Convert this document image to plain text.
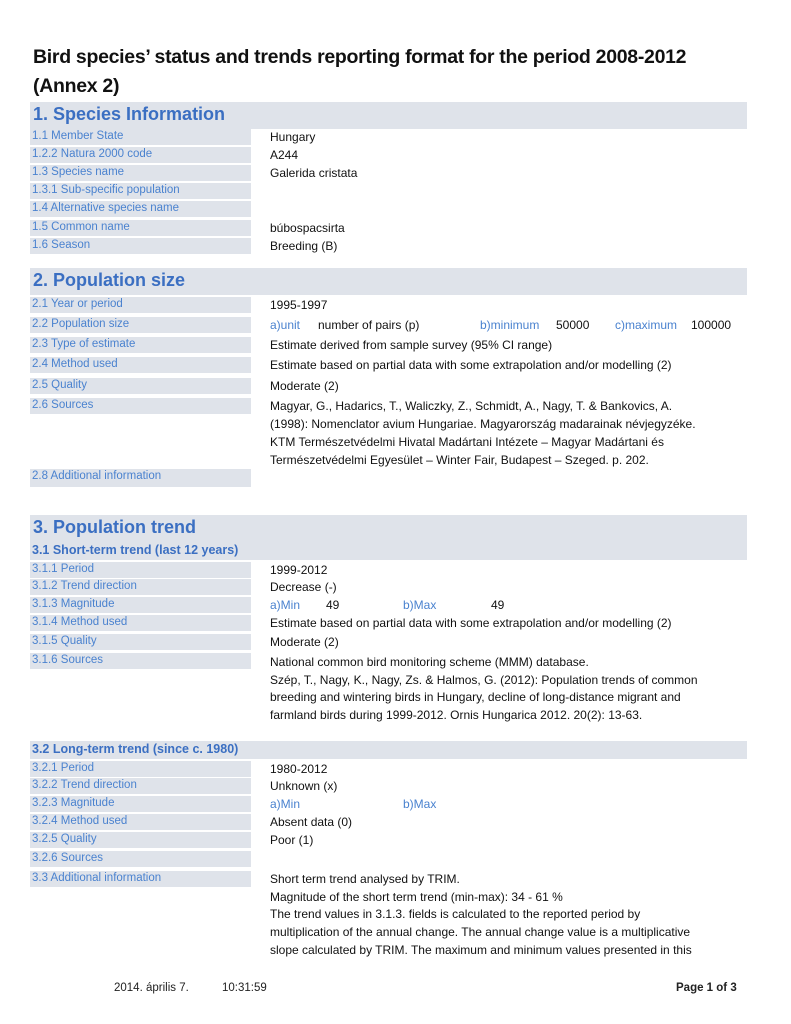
Bird species’ status and trends reporting format for the period 2008-2012
(Annex 2)
1. Species Information
1.1 Member State	Hungary
1.2.2 Natura 2000 code	A244
1.3 Species name	Galerida cristata
1.3.1 Sub-specific population
1.4 Alternative species name
1.5 Common name	búbospacsirta
1.6 Season	Breeding (B)
2. Population size
2.1 Year or period	1995-1997
2.2 Population size	a)unit number of pairs (p)	b)minimum 50000 c)maximum 100000
2.3 Type of estimate	Estimate derived from sample survey (95% CI range)
2.4 Method used	Estimate based on partial data with some extrapolation and/or modelling (2)
2.5 Quality	Moderate (2)
2.6 Sources	Magyar, G., Hadarics, T., Waliczky, Z., Schmidt, A., Nagy, T. & Bankovics, A.
(1998): Nomenclator avium Hungariae. Magyarország madarainak névjegyzéke.
KTM Természetvédelmi Hivatal Madártani Intézete – Magyar Madártani és
Természetvédelmi Egyesület – Winter Fair, Budapest – Szeged. p. 202.
2.8 Additional information
3. Population trend
3.1 Short-term trend (last 12 years)
3.1.1 Period	1999-2012
3.1.2 Trend direction	Decrease (-)
3.1.3 Magnitude	a)Min 49	b)Max	49
3.1.4 Method used	Estimate based on partial data with some extrapolation and/or modelling (2)
3.1.5 Quality	Moderate (2)
3.1.6 Sources	National common bird monitoring scheme (MMM) database.
Szép, T., Nagy, K., Nagy, Zs. & Halmos, G. (2012): Population trends of common
breeding and wintering birds in Hungary, decline of long-distance migrant and
farmland birds during 1999-2012. Ornis Hungarica 2012. 20(2): 13-63.
3.2 Long-term trend (since c. 1980)
3.2.1 Period	1980-2012
3.2.2 Trend direction	Unknown (x)
3.2.3 Magnitude	a)Min	b)Max
3.2.4 Method used	Absent data (0)
3.2.5 Quality	Poor (1)
3.2.6 Sources
3.3 Additional information	Short term trend analysed by TRIM.
Magnitude of the short term trend (min-max): 34 - 61 %
The trend values in 3.1.3. fields is calculated to the reported period by
multiplication of the annual change. The annual change value is a multiplicative
slope calculated by TRIM. The maximum and minimum values presented in this
2014. április 7.	10:31:59	Page 1 of 3
